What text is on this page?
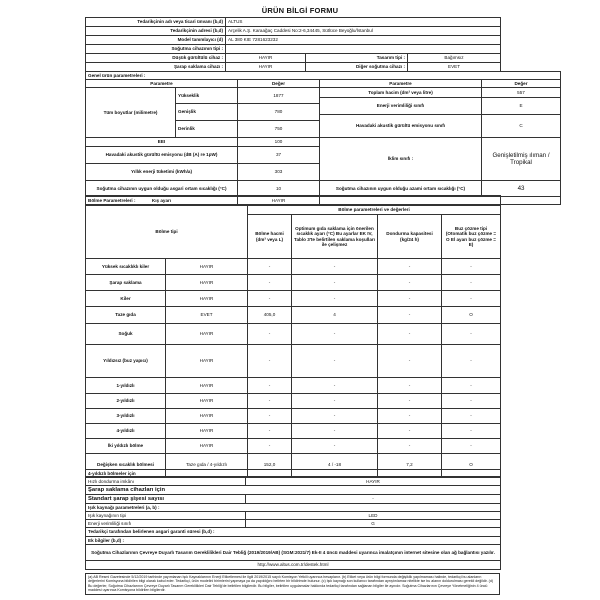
ÜRÜN BİLGİ FORMU
Tedarikçinin adı veya ticari ünvanı (b,d)	ALTUS		
Tedarikçinin adresi (b,d)	Arçelik A.Ş. Karaağaç Caddesi No:2-6,34445, Sütlüce Beyoğlu/İstanbul		
Model tanımlayıcı (d)	AL 380 KIE 7281623232		
Soğutma cihazının tipi :			
Düşük gürültülü cihaz :	HAYIR	Tasarım tipi :	Bağımsız
Şarap saklama cihazı :	HAYIR	Diğer soğutma cihazı :	EVET
Genel ürün parametreleri :				
Parametre		Değer	Parametre	Değer
Tüm boyutlar (milimetre)	Yükseklik	1877	Toplam hacim (dm³ veya litre)	557
			Enerji verimliliği sınıfı	E
	Genişlik	780		
			Havadaki akustik gürültü emisyonu sınıfı	C
	Derinlik	750		

EEI		100	İklim sınıfı :	Genişletilmiş ılıman / Tropikal
Havadaki akustik gürültü emisyonu (dB (A) re 1pW)		37		
Yıllık enerji tüketimi (kWh/a)		303		
Soğutma cihazının uygun olduğu asgari ortam sıcaklığı (°C)		10	Soğutma cihazının uygun olduğu azami ortam sıcaklığı (°C)	43
Kış ayarı		HAYIR		
Bölme Parametreleri :					
Bölme tipi		Bölme parametreleri ve değerleri			
		Bölme hacmi (dm³ veya L)	Optimum gıda saklama için önerilen sıcaklık ayarı (°C) Bu ayarlar EK IV, Tablo 3'te belirtilen saklama koşulları ile çelişmez	Dondurma kapasitesi (kg/24 h)	Buz çözme tipi (Otomatik buz çözme = O El ayarı buz çözme = E)
Yüksek sıcaklıklı kiler	HAYIR	-	-	-	-
Şarap saklama	HAYIR	-	-	-	-
Kiler	HAYIR	-	-	-	-
Taze gıda	EVET	405,0	4	-	O
Soğuk	HAYIR	-	-	-	-
Yıldızsız (buz yapıcı)	HAYIR	-	-	-	-
1-yıldızlı	HAYIR	-	-	-	-
2-yıldızlı	HAYIR	-	-	-	-
3-yıldızlı	HAYIR	-	-	-	-
4-yıldızlı	HAYIR	-	-	-	-
İki yıldızlı bölme	HAYIR	-	-	-	-
Değişken sıcaklık bölmesi	Taze gıda / 4-yıldızlı	152,0	4 / -18	7,2	O
4-yıldızlı bölmeler için	
Hızlı dondurma imkânı	HAYIR
Şarap saklama cihazları için	
Standart şarap şişesi sayısı	-
Işık kaynağı parametreleri (a, b) :	
Işık kaynağının tipi	LED
Enerji verimliliği sınıfı	G
Tedarikçi tarafından belirlenen asgari garanti süresi (b,d) :	
Ek bilgiler (b,d) :	
Soğutma Cihazlarının Çevreye Duyarlı Tasarım Gereklilikleri Dair Tebliğ (2019/2019/AB) (SGM:2021/7) Ek-II 4 üncü maddesi uyarınca imalatçının internet sitesine olan ağ bağlantısı yazılır.	
http://www.altus.com.tr/destek.html	
(a) AB Resmi Gazetesinde 5/12/2019 tarihinde yayımlanan Işık Kaynaklarının Enerji Etiketlemesi ile ilgili 2019/2015 sayılı Komisyon Yetkili uyarınca hesaplanır. (b) Etiket veya ürün bilgi formunda değişiklik yapılmaması halinde, tedarikçi bu alanların değerlerini Komisyona bildirilen bilgi olarak kabul eder. Tedarikçi, ürün modelini birimlerini yapmaya ya da yapıldığını belirten bir bildirimde bulunur. (c) Işık kaynağı son kullanıcı tarafından ayrıştırılamaz nitelikte ise bu alanın doldurulması gerekli değildir. (d) Bu değerler, Soğutma Cihazlarının Çevreye Duyarlı Tasarım Gereklilikleri Dair Tebliğ'de belirtilen bilgilerdir. Bu bilgiler, belirtilen uygulamalar hakkında tedarikçi tarafından sağlanan bilgiler ile aynıdır. Soğutma Cihazlarının Çevreye Yönetmeliğinin 4 üncü maddesi uyarınca Komisyona bildirilen bilgilerdir.
